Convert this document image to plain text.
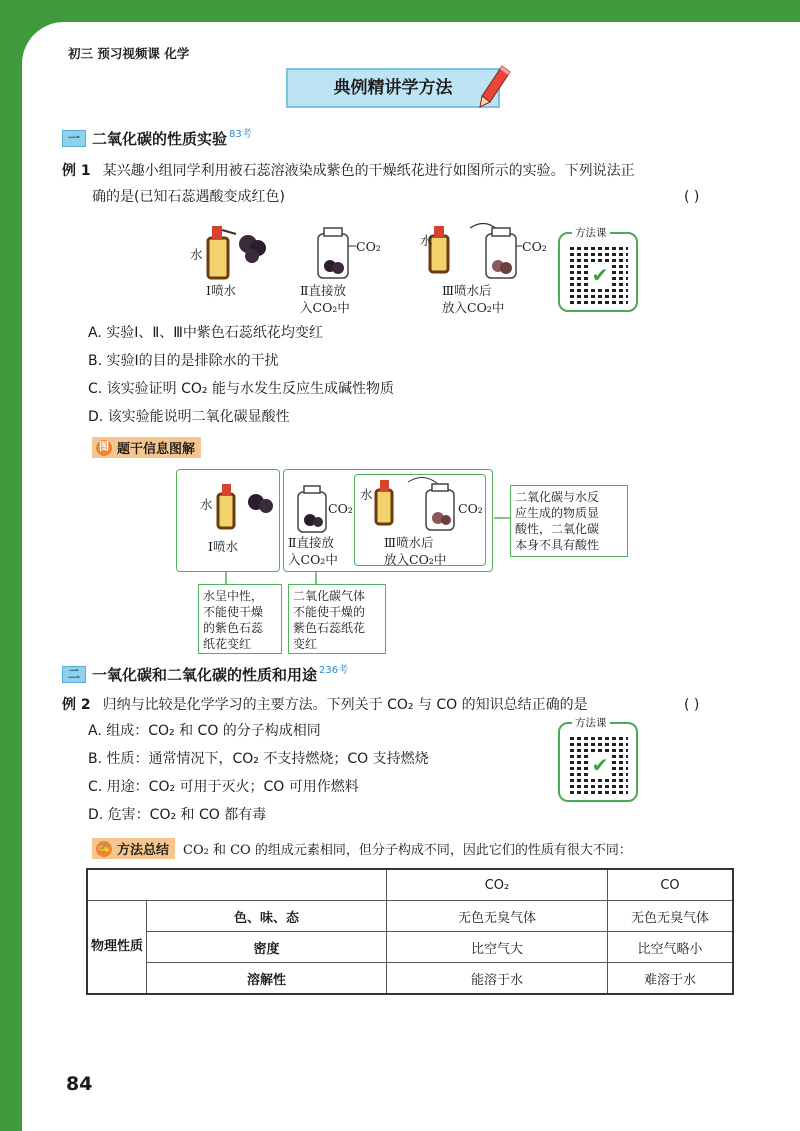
初三 预习视频课 化学
典例精讲学方法
一 二氧化碳的性质实验$^{83考}$
例 1 某兴趣小组同学利用被石蕊溶液染成紫色的干燥纸花进行如图所示的实验。下列说法正
确的是(已知石蕊遇酸变成红色)	( )
水
CO₂	水	CO₂
Ⅰ喷水	Ⅱ直接放
入CO₂中
Ⅲ喷水后
放入CO₂中
方法课
✔
A. 实验Ⅰ、Ⅱ、Ⅲ中紫色石蕊纸花均变红
B. 实验Ⅰ的目的是排除水的干扰
C. 该实验证明 CO₂ 能与水发生反应生成碱性物质
D. 该实验能说明二氧化碳显酸性
图 题干信息图解
水	CO₂
水
CO₂
Ⅰ喷水	Ⅱ直接放
入CO₂中
Ⅲ喷水后
放入CO₂中
二氧化碳与水反
应生成的物质显
酸性，二氧化碳
本身不具有酸性
水呈中性，
不能使干燥
的紫色石蕊
纸花变红
二氧化碳气体
不能使干燥的
紫色石蕊纸花
变红
二 一氧化碳和二氧化碳的性质和用途$^{236考}$
例 2 归纳与比较是化学学习的主要方法。下列关于 CO₂ 与 CO 的知识总结正确的是	( )
A. 组成：CO₂ 和 CO 的分子构成相同
B. 性质：通常情况下，CO₂ 不支持燃烧；CO 支持燃烧
C. 用途：CO₂ 可用于灭火；CO 可用作燃料
D. 危害：CO₂ 和 CO 都有毒
方法课
✔
✍ 方法总结 CO₂ 和 CO 的组成元素相同，但分子构成不同，因此它们的性质有很大不同：
		CO₂	CO
物理性质	色、味、态	无色无臭气体	无色无臭气体
	密度	比空气大	比空气略小
	溶解性	能溶于水	难溶于水
84
